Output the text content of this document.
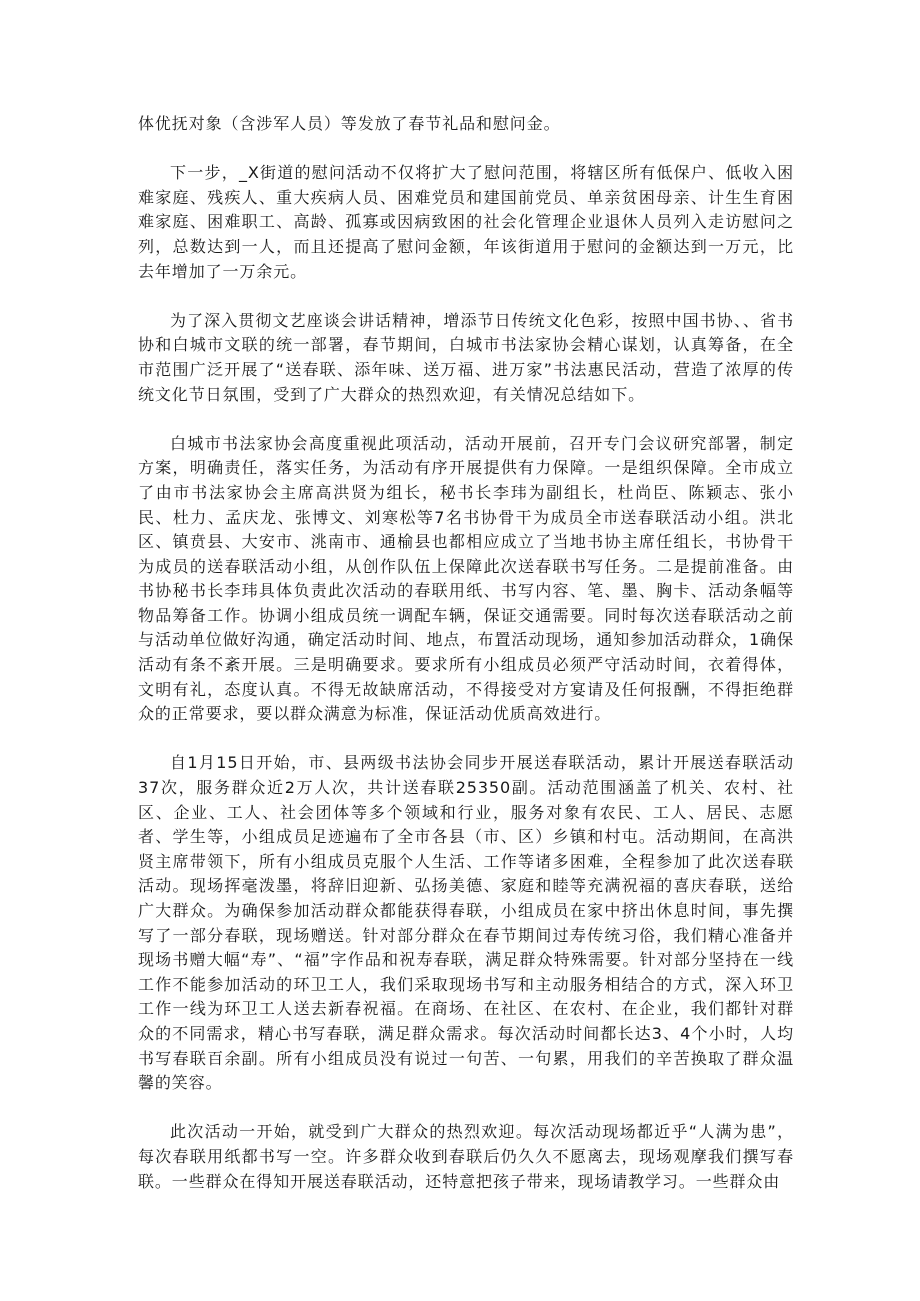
体优抚对象（含涉军人员）等发放了春节礼品和慰问金。

下一步，_X街道的慰问活动不仅将扩大了慰问范围，将辖区所有低保户、低收入困难家庭、残疾人、重大疾病人员、困难党员和建国前党员、单亲贫困母亲、计生生育困难家庭、困难职工、高龄、孤寡或因病致困的社会化管理企业退休人员列入走访慰问之列，总数达到一人，而且还提高了慰问金额，年该街道用于慰问的金额达到一万元，比去年增加了一万余元。

为了深入贯彻文艺座谈会讲话精神，增添节日传统文化色彩，按照中国书协、、省书协和白城市文联的统一部署，春节期间，白城市书法家协会精心谋划，认真筹备，在全市范围广泛开展了“送春联、添年味、送万福、进万家”书法惠民活动，营造了浓厚的传统文化节日氛围，受到了广大群众的热烈欢迎，有关情况总结如下。

白城市书法家协会高度重视此项活动，活动开展前，召开专门会议研究部署，制定方案，明确责任，落实任务，为活动有序开展提供有力保障。一是组织保障。全市成立了由市书法家协会主席高洪贤为组长，秘书长李玮为副组长，杜尚臣、陈颖志、张小民、杜力、孟庆龙、张博文、刘寒松等7名书协骨干为成员全市送春联活动小组。洪北区、镇贲县、大安市、洮南市、通榆县也都相应成立了当地书协主席任组长，书协骨干为成员的送春联活动小组，从创作队伍上保障此次送春联书写任务。二是提前准备。由书协秘书长李玮具体负责此次活动的春联用纸、书写内容、笔、墨、胸卡、活动条幅等物品筹备工作。协调小组成员统一调配车辆，保证交通需要。同时每次送春联活动之前与活动单位做好沟通，确定活动时间、地点，布置活动现场，通知参加活动群众，1确保活动有条不紊开展。三是明确要求。要求所有小组成员必须严守活动时间，衣着得体，文明有礼，态度认真。不得无故缺席活动，不得接受对方宴请及任何报酬，不得拒绝群众的正常要求，要以群众满意为标准，保证活动优质高效进行。

自1月15日开始，市、县两级书法协会同步开展送春联活动，累计开展送春联活动37次，服务群众近2万人次，共计送春联25350副。活动范围涵盖了机关、农村、社区、企业、工人、社会团体等多个领域和行业，服务对象有农民、工人、居民、志愿者、学生等，小组成员足迹遍布了全市各县（市、区）乡镇和村屯。活动期间，在高洪贤主席带领下，所有小组成员克服个人生活、工作等诸多困难，全程参加了此次送春联活动。现场挥毫泼墨，将辞旧迎新、弘扬美德、家庭和睦等充满祝福的喜庆春联，送给广大群众。为确保参加活动群众都能获得春联，小组成员在家中挤出休息时间，事先撰写了一部分春联，现场赠送。针对部分群众在春节期间过寿传统习俗，我们精心准备并现场书赠大幅“寿”、“福”字作品和祝寿春联，满足群众特殊需要。针对部分坚持在一线工作不能参加活动的环卫工人，我们采取现场书写和主动服务相结合的方式，深入环卫工作一线为环卫工人送去新春祝福。在商场、在社区、在农村、在企业，我们都针对群众的不同需求，精心书写春联，满足群众需求。每次活动时间都长达3、4个小时，人均书写春联百余副。所有小组成员没有说过一句苦、一句累，用我们的辛苦换取了群众温馨的笑容。

此次活动一开始，就受到广大群众的热烈欢迎。每次活动现场都近乎“人满为患”，每次春联用纸都书写一空。许多群众收到春联后仍久久不愿离去，现场观摩我们撰写春联。一些群众在得知开展送春联活动，还特意把孩子带来，现场请教学习。一些群众由
